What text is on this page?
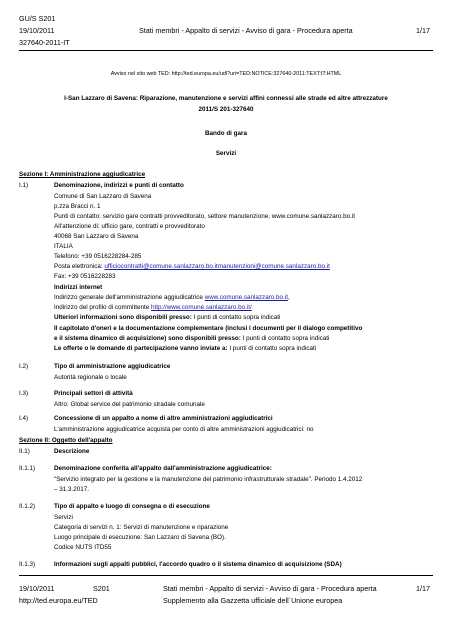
GU/S S201
19/10/2011	Stati membri - Appalto di servizi - Avviso di gara - Procedura aperta	1/17
327640-2011-IT
Avviso nel sito web TED: http://ted.europa.eu/udl?uri=TED:NOTICE:327640-2011:TEXT:IT:HTML
I-San Lazzaro di Savena: Riparazione, manutenzione e servizi affini connessi alle strade ed altre attrezzature
2011/S 201-327640
Bando di gara
Servizi
Sezione I: Amministrazione aggiudicatrice
I.1)	Denominazione, indirizzi e punti di contatto
Comune di San Lazzaro di Savena
p.zza Bracci n. 1
Punti di contatto: servizio gare contratti provveditorato, settore manutenzione, www.comune.sanlazzaro.bo.it
All'attenzione di: ufficio gare, contratti e provveditorato
40068 San Lazzaro di Savena
ITALIA
Telefono: +39 0516228284-285
Posta elettronica: ufficiocontratti@comune.sanlazzaro.bo.itmanutenzioni@comune.sanlazzaro.bo.it
Fax: +39 0516228283
Indirizzi internet
Indirizzo generale dell'amministrazione aggiudicatrice www.comune.sanlazzaro.bo.it,
Indirizzo del profilo di committente http://www.comune.sanlazzaro.bo.it/
Ulteriori informazioni sono disponibili presso: I punti di contatto sopra indicati
Il capitolato d'oneri e la documentazione complementare (inclusi i documenti per il dialogo competitivo
e il sistema dinamico di acquisizione) sono disponibili presso: I punti di contatto sopra indicati
Le offerte o le domande di partecipazione vanno inviate a: I punti di contatto sopra indicati
I.2)	Tipo di amministrazione aggiudicatrice
Autorità regionale o locale
I.3)	Principali settori di attività
Altro: Global service del patrimonio stradale comunale
I.4)	Concessione di un appalto a nome di altre amministrazioni aggiudicatrici
L'amministrazione aggiudicatrice acquista per conto di altre amministrazioni aggiudicatrici: no
Sezione II: Oggetto dell'appalto
II.1)	Descrizione
II.1.1)	Denominazione conferita all'appalto dall'amministrazione aggiudicatrice:
"Servizio integrato per la gestione e la manutenzione del patrimonio infrastrutturale stradale". Periodo 1.4.2012
– 31.3.2017.
II.1.2)	Tipo di appalto e luogo di consegna o di esecuzione
Servizi
Categoria di servizi n. 1: Servizi di manutenzione e riparazione
Luogo principale di esecuzione: San Lazzaro di Savena (BO).
Codice NUTS ITD55
II.1.3)	Informazioni sugli appalti pubblici, l'accordo quadro o il sistema dinamico di acquisizione (SDA)
19/10/2011	S201	Stati membri - Appalto di servizi - Avviso di gara - Procedura aperta	1/17
http://ted.europa.eu/TED	Supplemento alla Gazzetta ufficiale dell´Unione europea
